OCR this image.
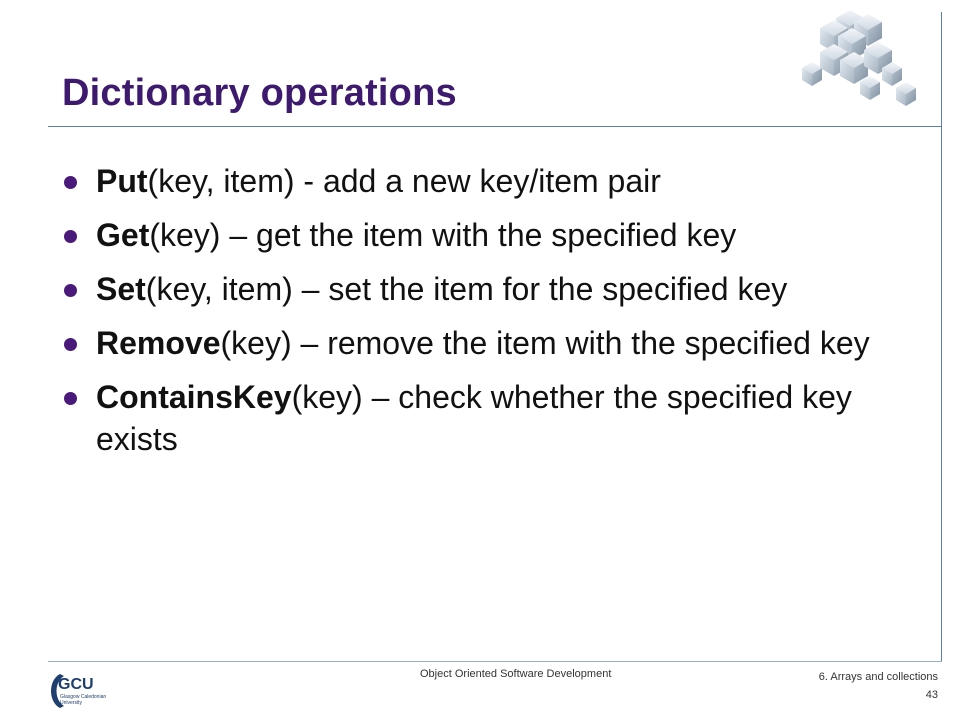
Dictionary operations
Put(key, item) - add a new key/item pair
Get(key) – get the item with the specified key
Set(key, item) – set the item for the specified key
Remove(key) – remove the item with the specified key
ContainsKey(key) – check whether the specified key exists
GCU
Glasgow Caledonian University
Object Oriented Software Development	6. Arrays and collections
43
